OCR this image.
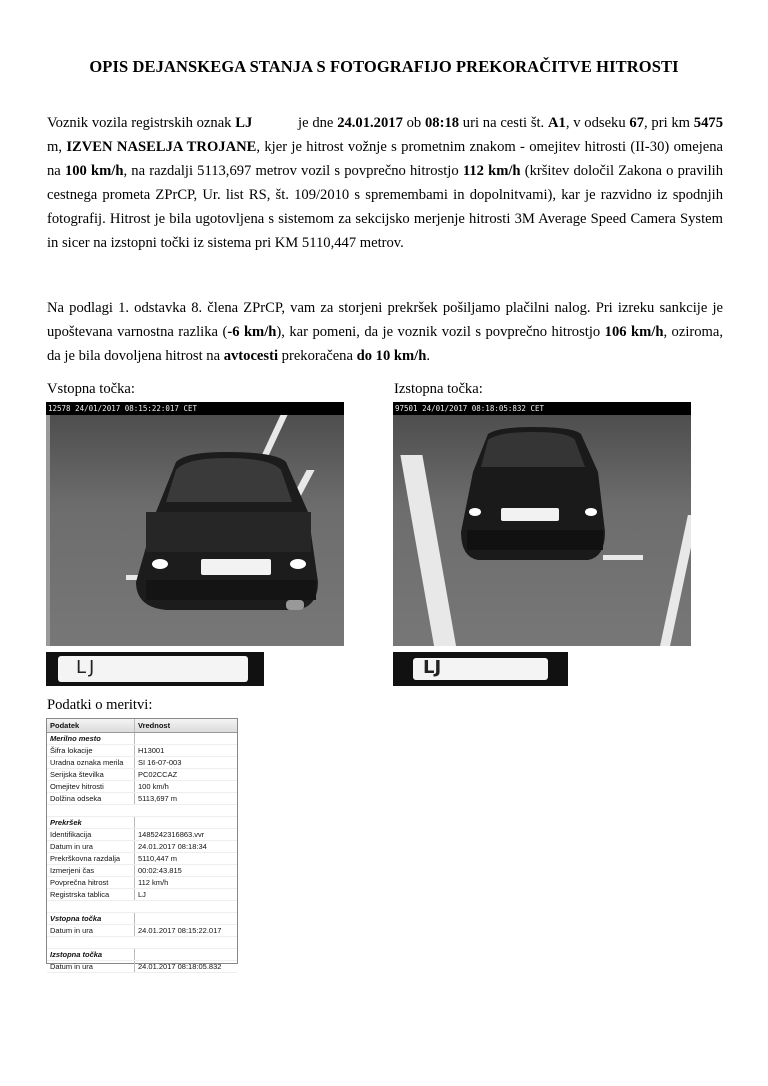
OPIS DEJANSKEGA STANJA S FOTOGRAFIJO PREKORAČITVE HITROSTI
Voznik vozila registrskih oznak LJ	je dne 24.01.2017 ob 08:18 uri na cesti št. A1, v odseku 67, pri km 5475 m, IZVEN NASELJA TROJANE, kjer je hitrost vožnje s prometnim znakom - omejitev hitrosti (II-30) omejena na 100 km/h, na razdalji 5113,697 metrov vozil s povprečno hitrostjo 112 km/h (kršitev določil Zakona o pravilih cestnega prometa ZPrCP, Ur. list RS, št. 109/2010 s spremembami in dopolnitvami), kar je razvidno iz spodnjih fotografij. Hitrost je bila ugotovljena s sistemom za sekcijsko merjenje hitrosti 3M Average Speed Camera System in sicer na izstopni točki iz sistema pri KM 5110,447 metrov.
Na podlagi 1. odstavka 8. člena ZPrCP, vam za storjeni prekršek pošiljamo plačilni nalog. Pri izreku sankcije je upoštevana varnostna razlika (-6 km/h), kar pomeni, da je voznik vozil s povprečno hitrostjo 106 km/h, oziroma, da je bila dovoljena hitrost na avtocesti prekoračena do 10 km/h.
Vstopna točka:	Izstopna točka:
12578 24/01/2017 08:15:22:017 CET	97501 24/01/2017 08:18:05:832 CET
LJ	LJ
Podatki o meritvi:
Podatek	Vrednost
Merilno mesto
Šifra lokacije	H13001
Uradna oznaka merila	SI 16-07-003
Serijska številka	PC02CCAZ
Omejitev hitrosti	100 km/h
Dolžina odseka	5113,697 m
Prekršek
Identifikacija	1485242316863.vvr
Datum in ura	24.01.2017 08:18:34
Prekrškovna razdalja	5110,447 m
Izmerjeni čas	00:02:43.815
Povprečna hitrost	112 km/h
Registrska tablica	LJ
Vstopna točka
Datum in ura	24.01.2017 08:15:22.017
Izstopna točka
Datum in ura	24.01.2017 08:18:05.832
